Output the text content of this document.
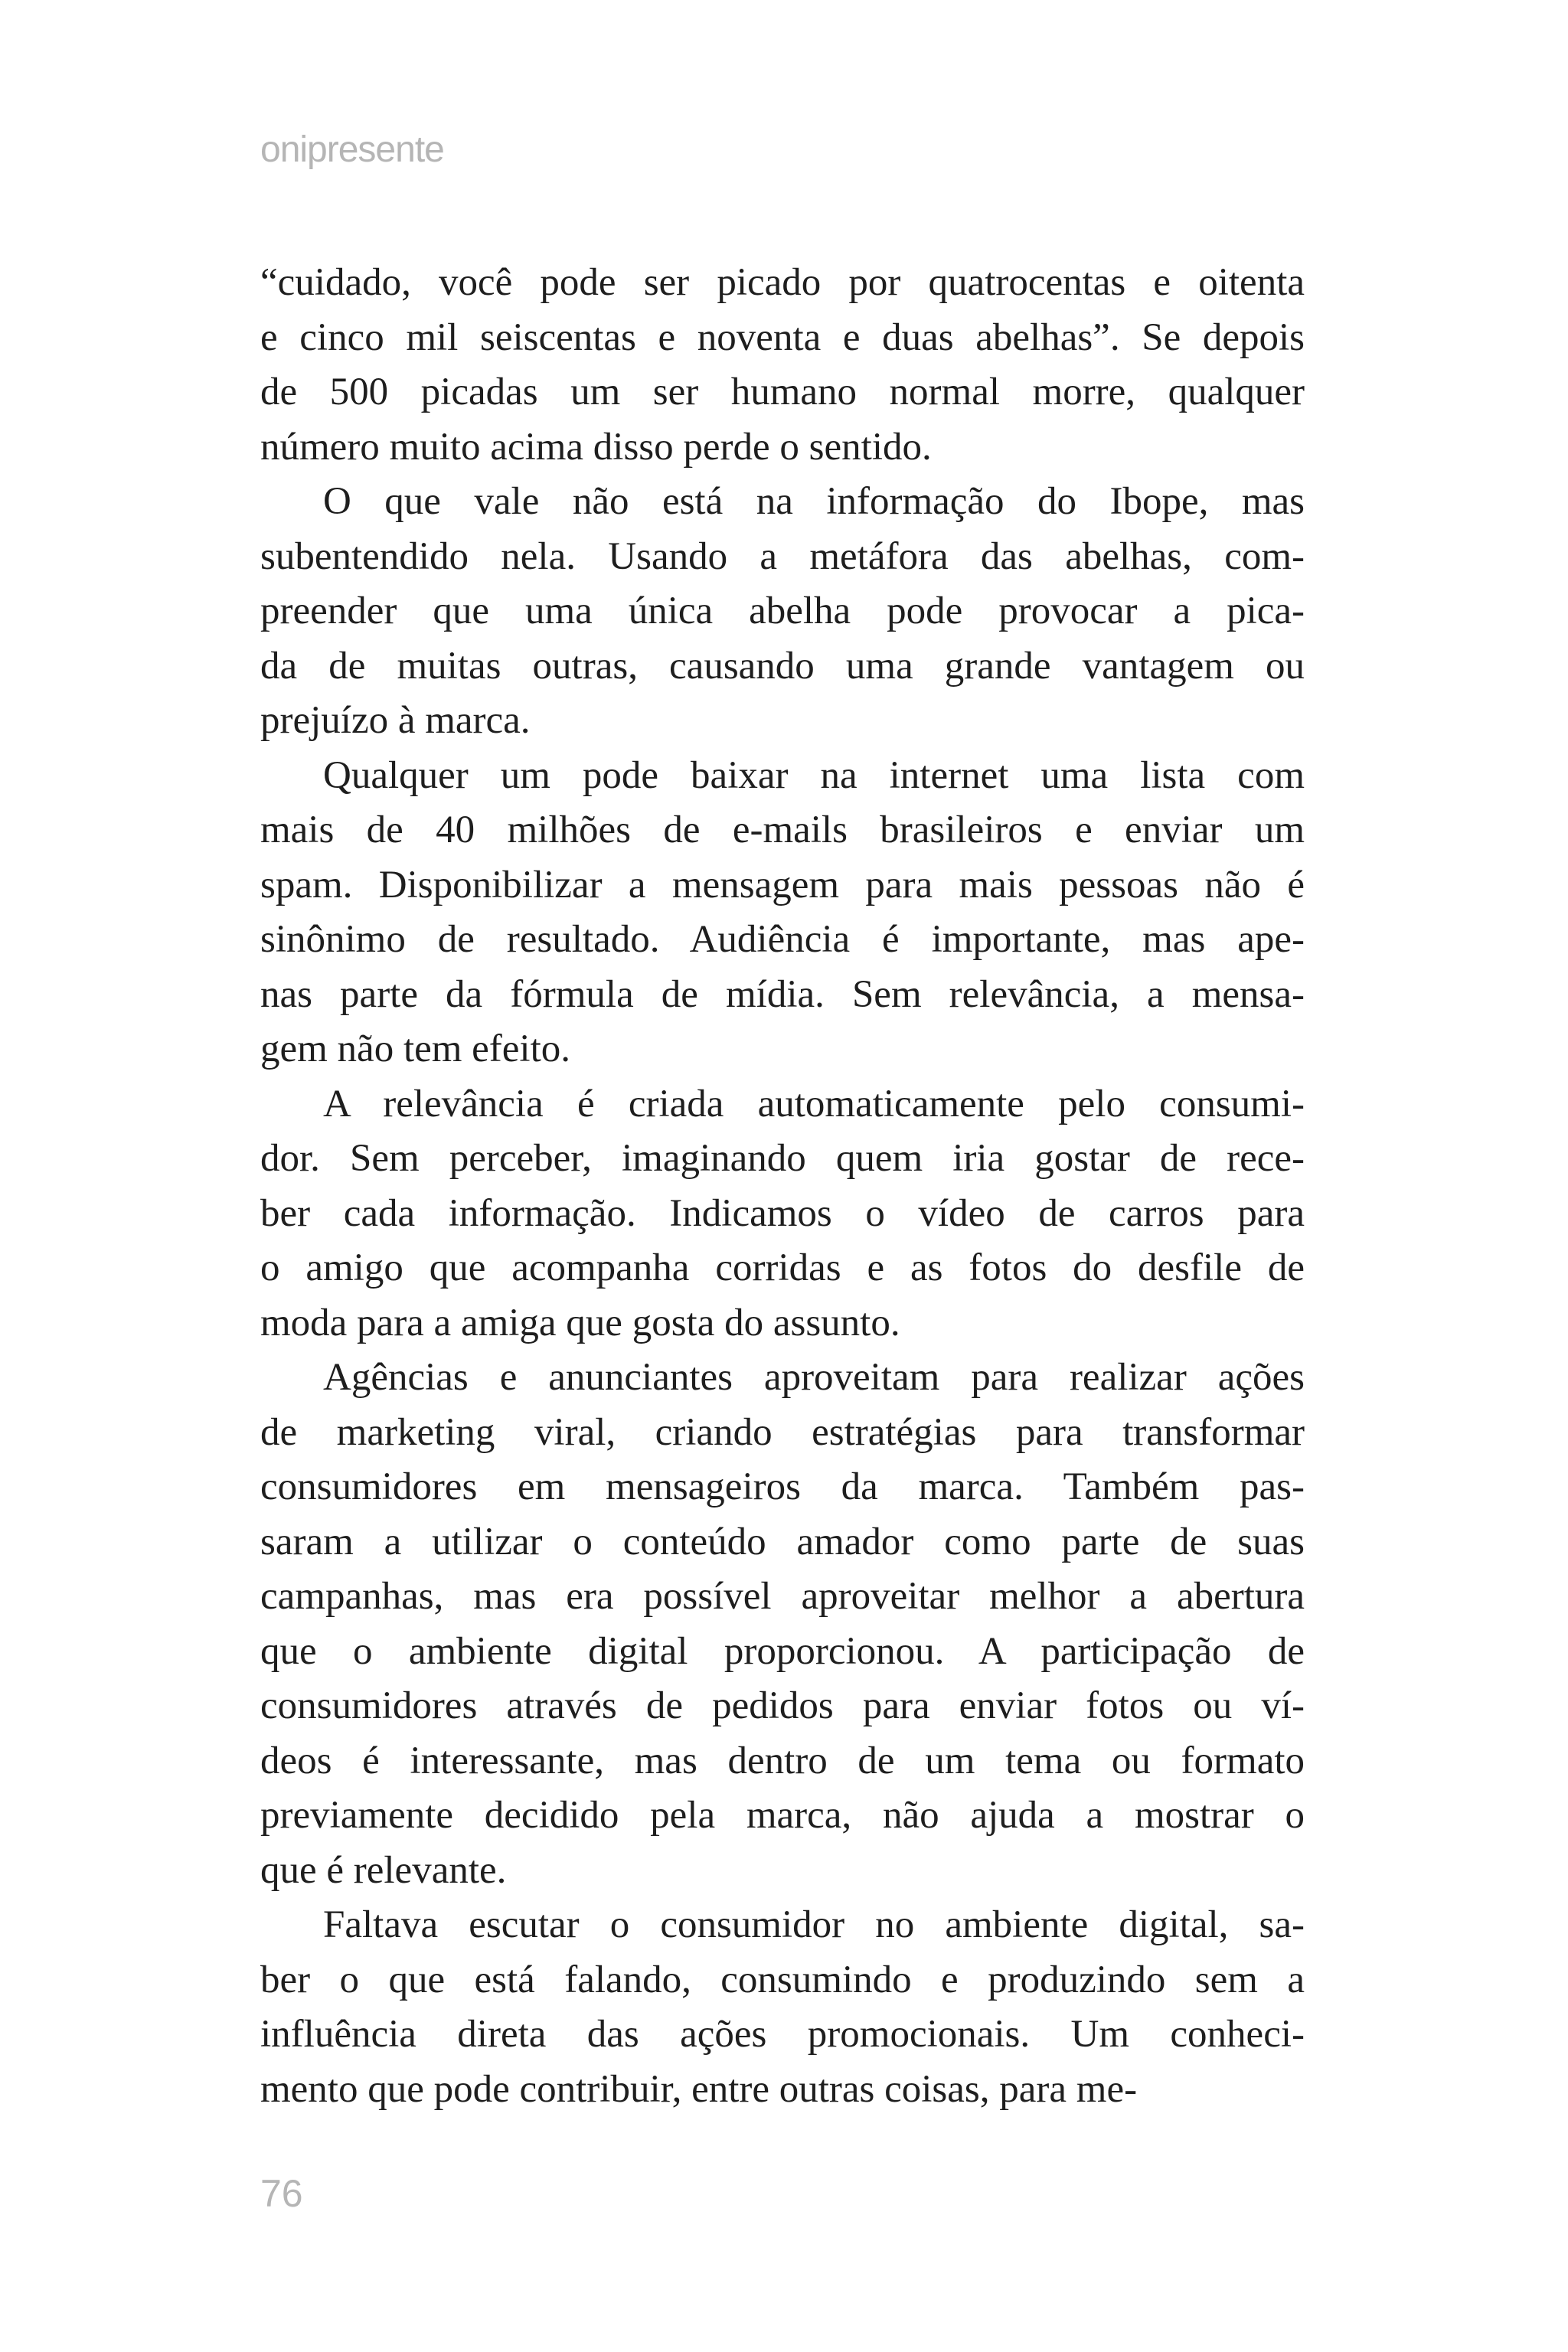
onipresente

“cuidado, você pode ser picado por quatrocentas e oitenta
e cinco mil seiscentas e noventa e duas abelhas”. Se depois
de 500 picadas um ser humano normal morre, qualquer
número muito acima disso perde o sentido.
O que vale não está na informação do Ibope, mas
subentendido nela. Usando a metáfora das abelhas, com-
preender que uma única abelha pode provocar a pica-
da de muitas outras, causando uma grande vantagem ou
prejuízo à marca.
Qualquer um pode baixar na internet uma lista com
mais de 40 milhões de e-mails brasileiros e enviar um
spam. Disponibilizar a mensagem para mais pessoas não é
sinônimo de resultado. Audiência é importante, mas ape-
nas parte da fórmula de mídia. Sem relevância, a mensa-
gem não tem efeito.
A relevância é criada automaticamente pelo consumi-
dor. Sem perceber, imaginando quem iria gostar de rece-
ber cada informação. Indicamos o vídeo de carros para
o amigo que acompanha corridas e as fotos do desfile de
moda para a amiga que gosta do assunto.
Agências e anunciantes aproveitam para realizar ações
de marketing viral, criando estratégias para transformar
consumidores em mensageiros da marca. Também pas-
saram a utilizar o conteúdo amador como parte de suas
campanhas, mas era possível aproveitar melhor a abertura
que o ambiente digital proporcionou. A participação de
consumidores através de pedidos para enviar fotos ou ví-
deos é interessante, mas dentro de um tema ou formato
previamente decidido pela marca, não ajuda a mostrar o
que é relevante.
Faltava escutar o consumidor no ambiente digital, sa-
ber o que está falando, consumindo e produzindo sem a
influência direta das ações promocionais. Um conheci-
mento que pode contribuir, entre outras coisas, para me-

76
